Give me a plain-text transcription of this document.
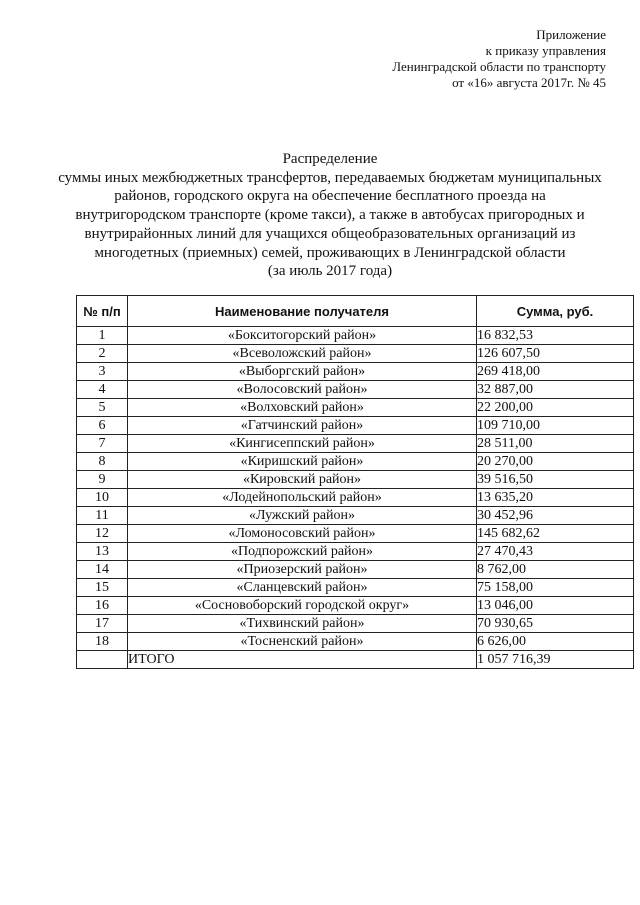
Приложение
к приказу управления
Ленинградской области по транспорту
от «16» августа 2017г. № 45
Распределение
суммы иных межбюджетных трансфертов, передаваемых бюджетам муниципальных
районов, городского округа на обеспечение бесплатного проезда на
внутригородском транспорте (кроме такси), а также в автобусах пригородных и
внутрирайонных линий для учащихся общеобразовательных организаций из
многодетных (приемных) семей, проживающих в Ленинградской области
(за июль 2017 года)
№ п/п	Наименование получателя	Сумма, руб.
1	«Бокситогорский район»	16 832,53
2	«Всеволожский район»	126 607,50
3	«Выборгский район»	269 418,00
4	«Волосовский район»	32 887,00
5	«Волховский район»	22 200,00
6	«Гатчинский район»	109 710,00
7	«Кингисеппский район»	28 511,00
8	«Киришский район»	20 270,00
9	«Кировский район»	39 516,50
10	«Лодейнопольский район»	13 635,20
11	«Лужский район»	30 452,96
12	«Ломоносовский район»	145 682,62
13	«Подпорожский район»	27 470,43
14	«Приозерский район»	8 762,00
15	«Сланцевский район»	75 158,00
16	«Сосновоборский городской округ»	13 046,00
17	«Тихвинский район»	70 930,65
18	«Тосненский район»	6 626,00
	ИТОГО	1 057 716,39
